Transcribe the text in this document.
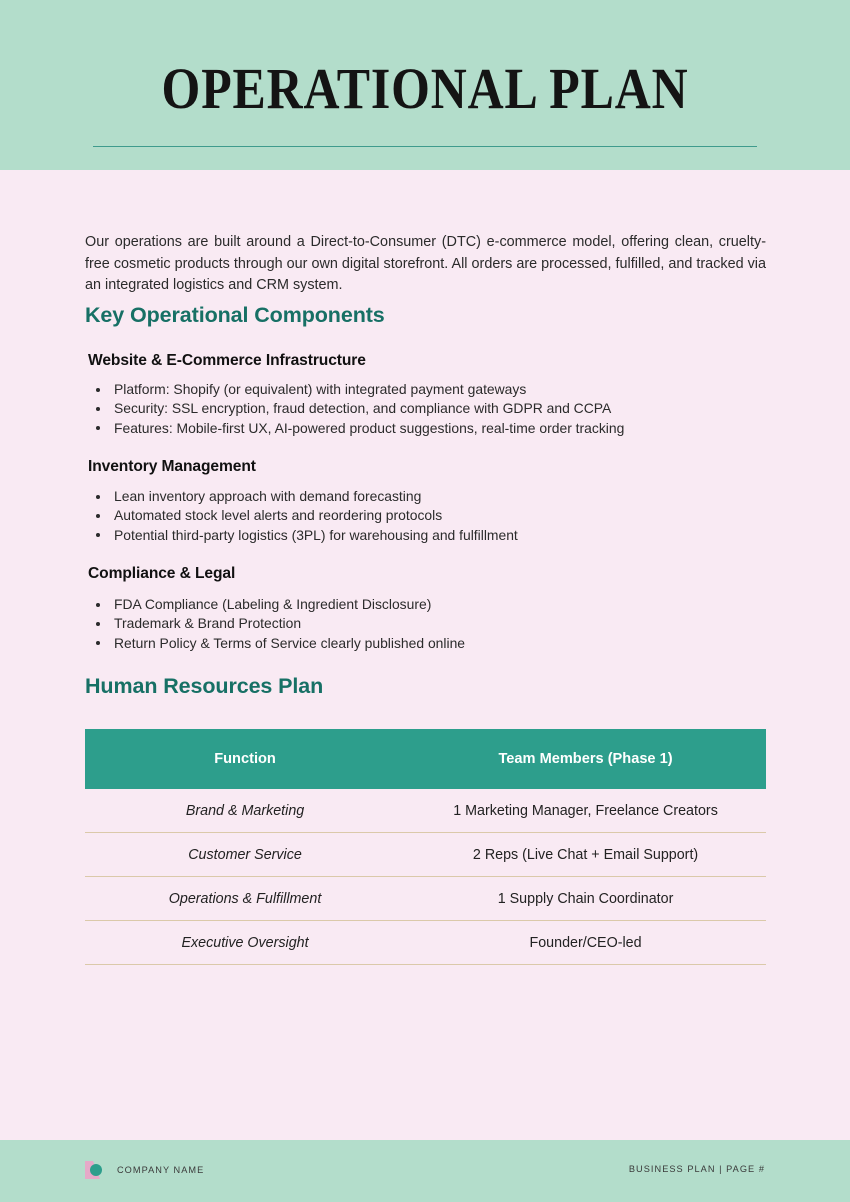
OPERATIONAL PLAN

Our operations are built around a Direct-to-Consumer (DTC) e-commerce model, offering clean, cruelty-free cosmetic products through our own digital storefront. All orders are processed, fulfilled, and tracked via an integrated logistics and CRM system.

Key Operational Components
Website & E-Commerce Infrastructure
Platform: Shopify (or equivalent) with integrated payment gateways
Security: SSL encryption, fraud detection, and compliance with GDPR and CCPA
Features: Mobile-first UX, AI-powered product suggestions, real-time order tracking
Inventory Management
Lean inventory approach with demand forecasting
Automated stock level alerts and reordering protocols
Potential third-party logistics (3PL) for warehousing and fulfillment
Compliance & Legal
FDA Compliance (Labeling & Ingredient Disclosure)
Trademark & Brand Protection
Return Policy & Terms of Service clearly published online
Human Resources Plan
Function	Team Members (Phase 1)
Brand & Marketing	1 Marketing Manager, Freelance Creators
Customer Service	2 Reps (Live Chat + Email Support)
Operations & Fulfillment	1 Supply Chain Coordinator
Executive Oversight	Founder/CEO-led
COMPANY NAME	BUSINESS PLAN | PAGE #
